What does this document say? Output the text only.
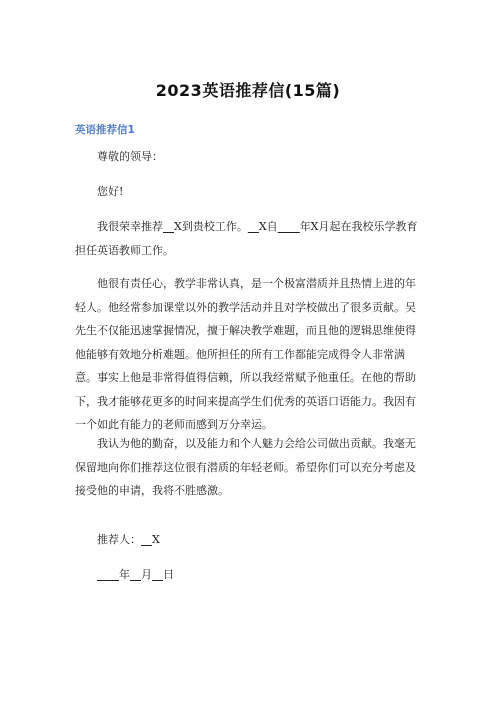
2023英语推荐信(15篇)
英语推荐信1

尊敬的领导：

您好!

我很荣幸推荐__X到贵校工作。__X自____年X月起在我校乐学教育担任英语教师工作。

他很有责任心，教学非常认真，是一个极富潜质并且热情上进的年轻人。他经常参加课堂以外的教学活动并且对学校做出了很多贡献。吴先生不仅能迅速掌握情况，擅于解决教学难题，而且他的逻辑思维使得他能够有效地分析难题。他所担任的所有工作都能完成得令人非常满意。事实上他是非常得值得信赖，所以我经常赋予他重任。在他的帮助下，我才能够花更多的时间来提高学生们优秀的英语口语能力。我因有一个如此有能力的老师而感到万分幸运。

我认为他的勤奋，以及能力和个人魅力会给公司做出贡献。我毫无保留地向你们推荐这位很有潜质的年轻老师。希望你们可以充分考虑及接受他的申请，我将不胜感激。

推荐人：__X

____年__月__日
